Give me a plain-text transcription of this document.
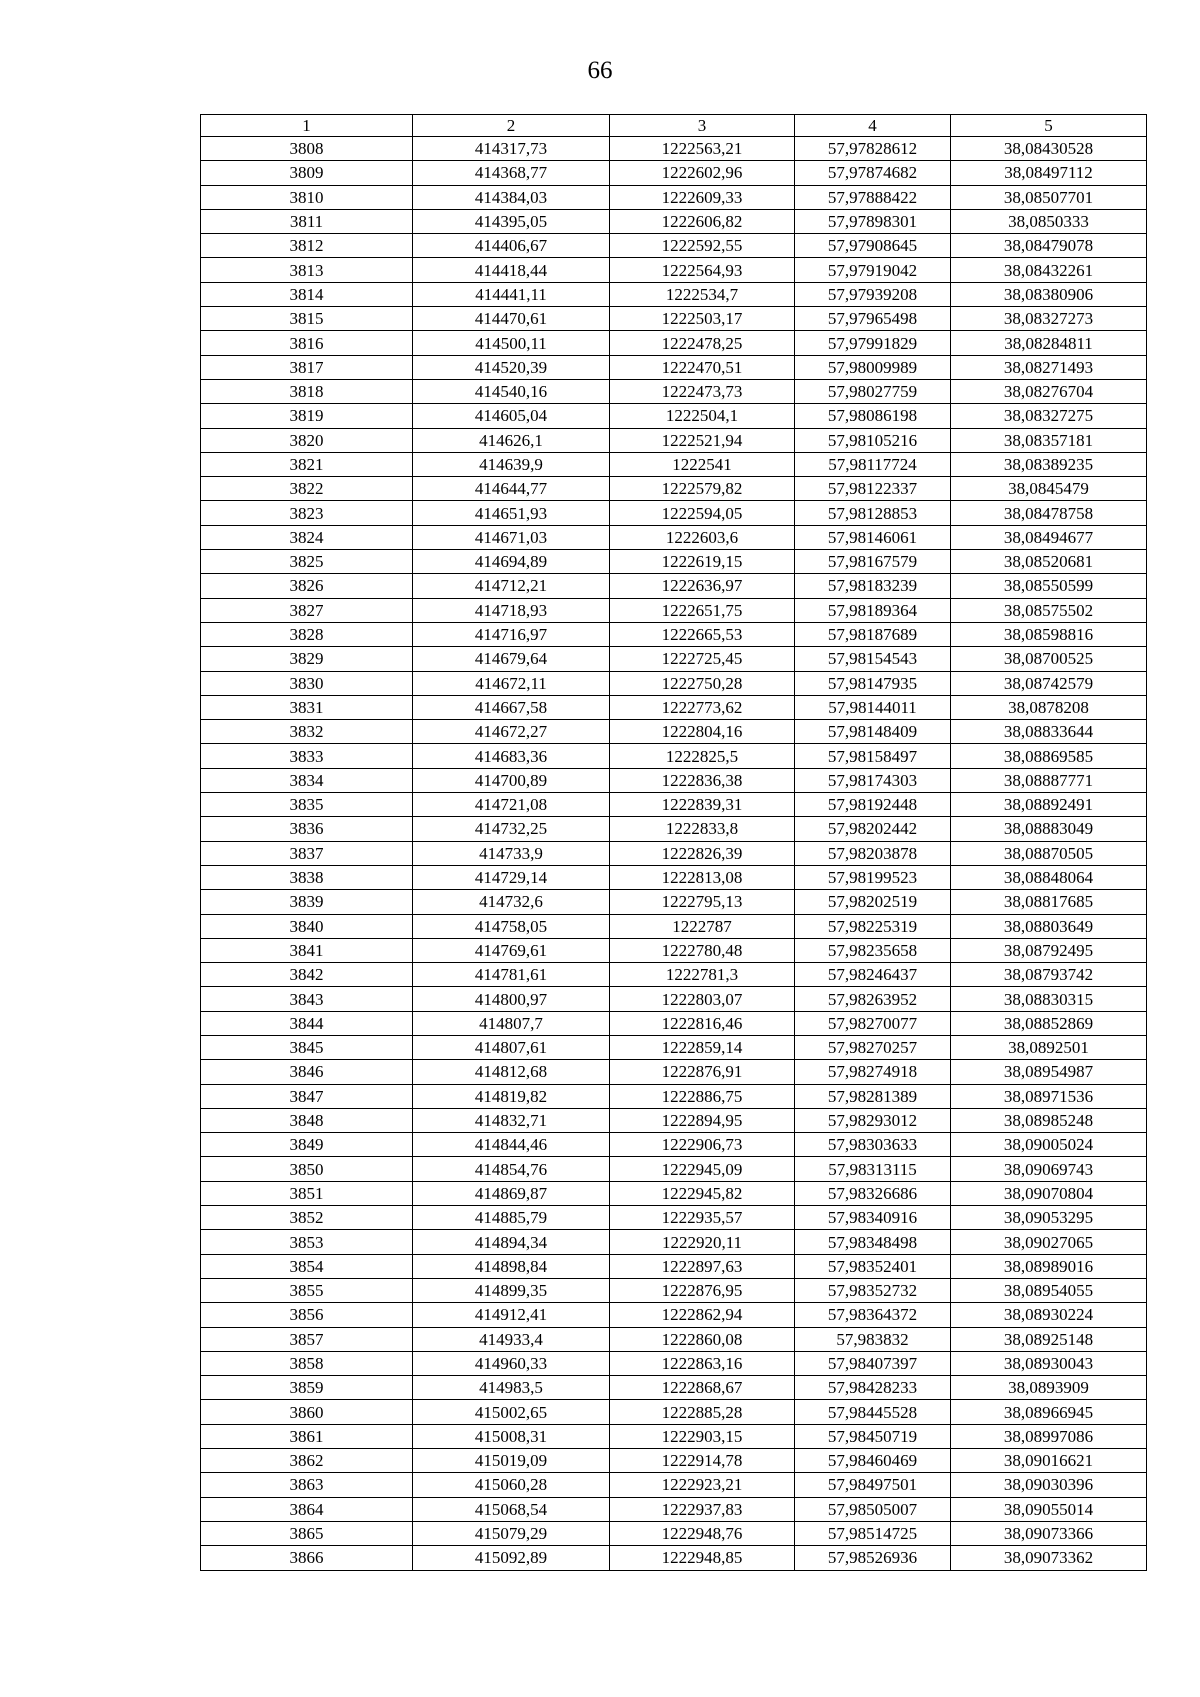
66
1	2	3	4	5
3808	414317,73	1222563,21	57,97828612	38,08430528
3809	414368,77	1222602,96	57,97874682	38,08497112
3810	414384,03	1222609,33	57,97888422	38,08507701
3811	414395,05	1222606,82	57,97898301	38,0850333
3812	414406,67	1222592,55	57,97908645	38,08479078
3813	414418,44	1222564,93	57,97919042	38,08432261
3814	414441,11	1222534,7	57,97939208	38,08380906
3815	414470,61	1222503,17	57,97965498	38,08327273
3816	414500,11	1222478,25	57,97991829	38,08284811
3817	414520,39	1222470,51	57,98009989	38,08271493
3818	414540,16	1222473,73	57,98027759	38,08276704
3819	414605,04	1222504,1	57,98086198	38,08327275
3820	414626,1	1222521,94	57,98105216	38,08357181
3821	414639,9	1222541	57,98117724	38,08389235
3822	414644,77	1222579,82	57,98122337	38,0845479
3823	414651,93	1222594,05	57,98128853	38,08478758
3824	414671,03	1222603,6	57,98146061	38,08494677
3825	414694,89	1222619,15	57,98167579	38,08520681
3826	414712,21	1222636,97	57,98183239	38,08550599
3827	414718,93	1222651,75	57,98189364	38,08575502
3828	414716,97	1222665,53	57,98187689	38,08598816
3829	414679,64	1222725,45	57,98154543	38,08700525
3830	414672,11	1222750,28	57,98147935	38,08742579
3831	414667,58	1222773,62	57,98144011	38,0878208
3832	414672,27	1222804,16	57,98148409	38,08833644
3833	414683,36	1222825,5	57,98158497	38,08869585
3834	414700,89	1222836,38	57,98174303	38,08887771
3835	414721,08	1222839,31	57,98192448	38,08892491
3836	414732,25	1222833,8	57,98202442	38,08883049
3837	414733,9	1222826,39	57,98203878	38,08870505
3838	414729,14	1222813,08	57,98199523	38,08848064
3839	414732,6	1222795,13	57,98202519	38,08817685
3840	414758,05	1222787	57,98225319	38,08803649
3841	414769,61	1222780,48	57,98235658	38,08792495
3842	414781,61	1222781,3	57,98246437	38,08793742
3843	414800,97	1222803,07	57,98263952	38,08830315
3844	414807,7	1222816,46	57,98270077	38,08852869
3845	414807,61	1222859,14	57,98270257	38,0892501
3846	414812,68	1222876,91	57,98274918	38,08954987
3847	414819,82	1222886,75	57,98281389	38,08971536
3848	414832,71	1222894,95	57,98293012	38,08985248
3849	414844,46	1222906,73	57,98303633	38,09005024
3850	414854,76	1222945,09	57,98313115	38,09069743
3851	414869,87	1222945,82	57,98326686	38,09070804
3852	414885,79	1222935,57	57,98340916	38,09053295
3853	414894,34	1222920,11	57,98348498	38,09027065
3854	414898,84	1222897,63	57,98352401	38,08989016
3855	414899,35	1222876,95	57,98352732	38,08954055
3856	414912,41	1222862,94	57,98364372	38,08930224
3857	414933,4	1222860,08	57,983832	38,08925148
3858	414960,33	1222863,16	57,98407397	38,08930043
3859	414983,5	1222868,67	57,98428233	38,0893909
3860	415002,65	1222885,28	57,98445528	38,08966945
3861	415008,31	1222903,15	57,98450719	38,08997086
3862	415019,09	1222914,78	57,98460469	38,09016621
3863	415060,28	1222923,21	57,98497501	38,09030396
3864	415068,54	1222937,83	57,98505007	38,09055014
3865	415079,29	1222948,76	57,98514725	38,09073366
3866	415092,89	1222948,85	57,98526936	38,09073362
